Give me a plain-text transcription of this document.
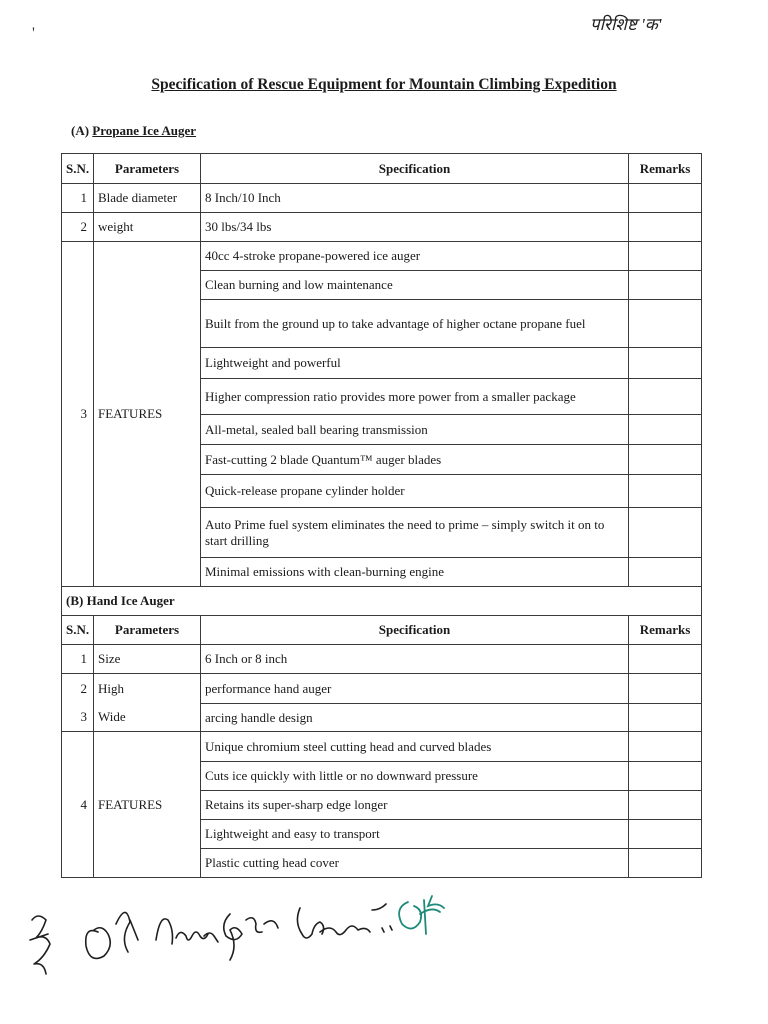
'	परिशिष्ट 'क'
Specification of Rescue Equipment for Mountain Climbing Expedition
(A) Propane Ice Auger
S.N.	Parameters	Specification	Remarks
1	Blade diameter	8 Inch/10 Inch	
2	weight	30 lbs/34 lbs	
3	FEATURES	40cc 4-stroke propane-powered ice auger	
		Clean burning and low maintenance	
		Built from the ground up to take advantage of higher octane propane fuel	
		Lightweight and powerful	
		Higher compression ratio provides more power from a smaller package	
		All-metal, sealed ball bearing transmission	
		Fast-cutting 2 blade Quantum™ auger blades	
		Quick-release propane cylinder holder	
		Auto Prime fuel system eliminates the need to prime – simply switch it on to start drilling	
		Minimal emissions with clean-burning engine	
(B) Hand Ice Auger			
S.N.	Parameters	Specification	Remarks
1	Size	6 Inch or 8 inch	
2	High	performance hand auger	
3	Wide	arcing handle design	
4	FEATURES	Unique chromium steel cutting head and curved blades	
		Cuts ice quickly with little or no downward pressure	
		Retains its super-sharp edge longer	
		Lightweight and easy to transport	
		Plastic cutting head cover	
